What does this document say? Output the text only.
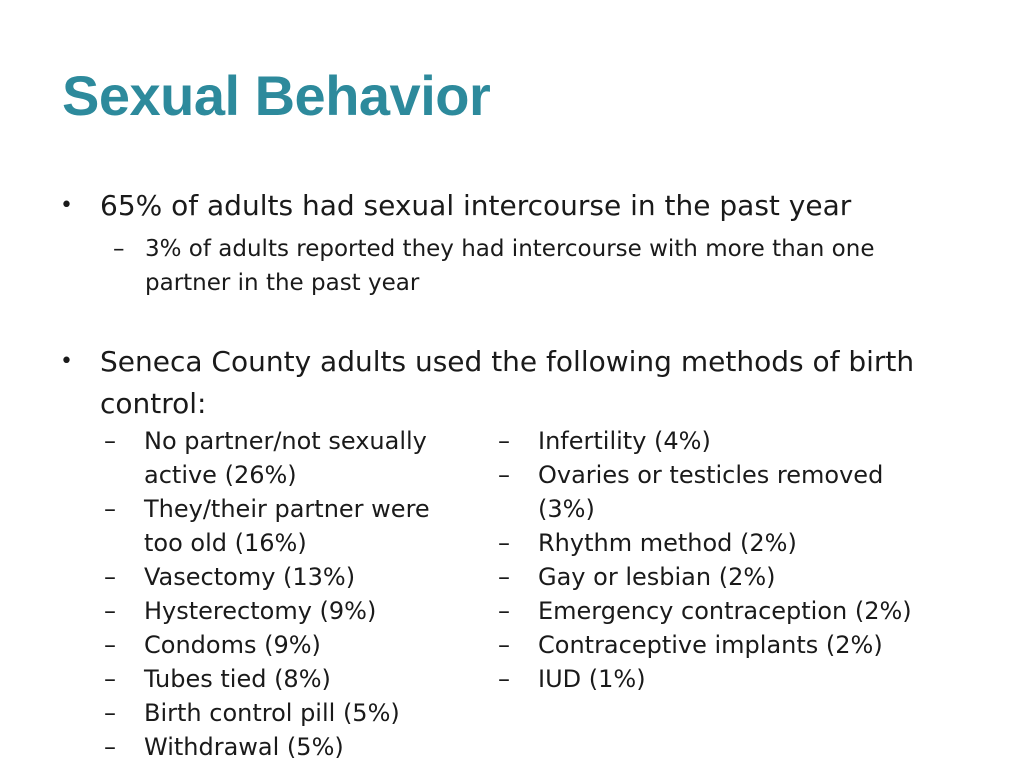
Sexual Behavior
• 65% of adults had sexual intercourse in the past year
– 3% of adults reported they had intercourse with more than one partner in the past year
• Seneca County adults used the following methods of birth control:
–	No partner/not sexually active (26%)
–	They/their partner were too old (16%)
–	Vasectomy (13%)
–	Hysterectomy (9%)
–	Condoms (9%)
–	Tubes tied (8%)
–	Birth control pill (5%)
–	Withdrawal (5%)
–	Infertility (4%)
–	Ovaries or testicles removed (3%)
–	Rhythm method (2%)
–	Gay or lesbian (2%)
–	Emergency contraception (2%)
–	Contraceptive implants (2%)
–	IUD (1%)
